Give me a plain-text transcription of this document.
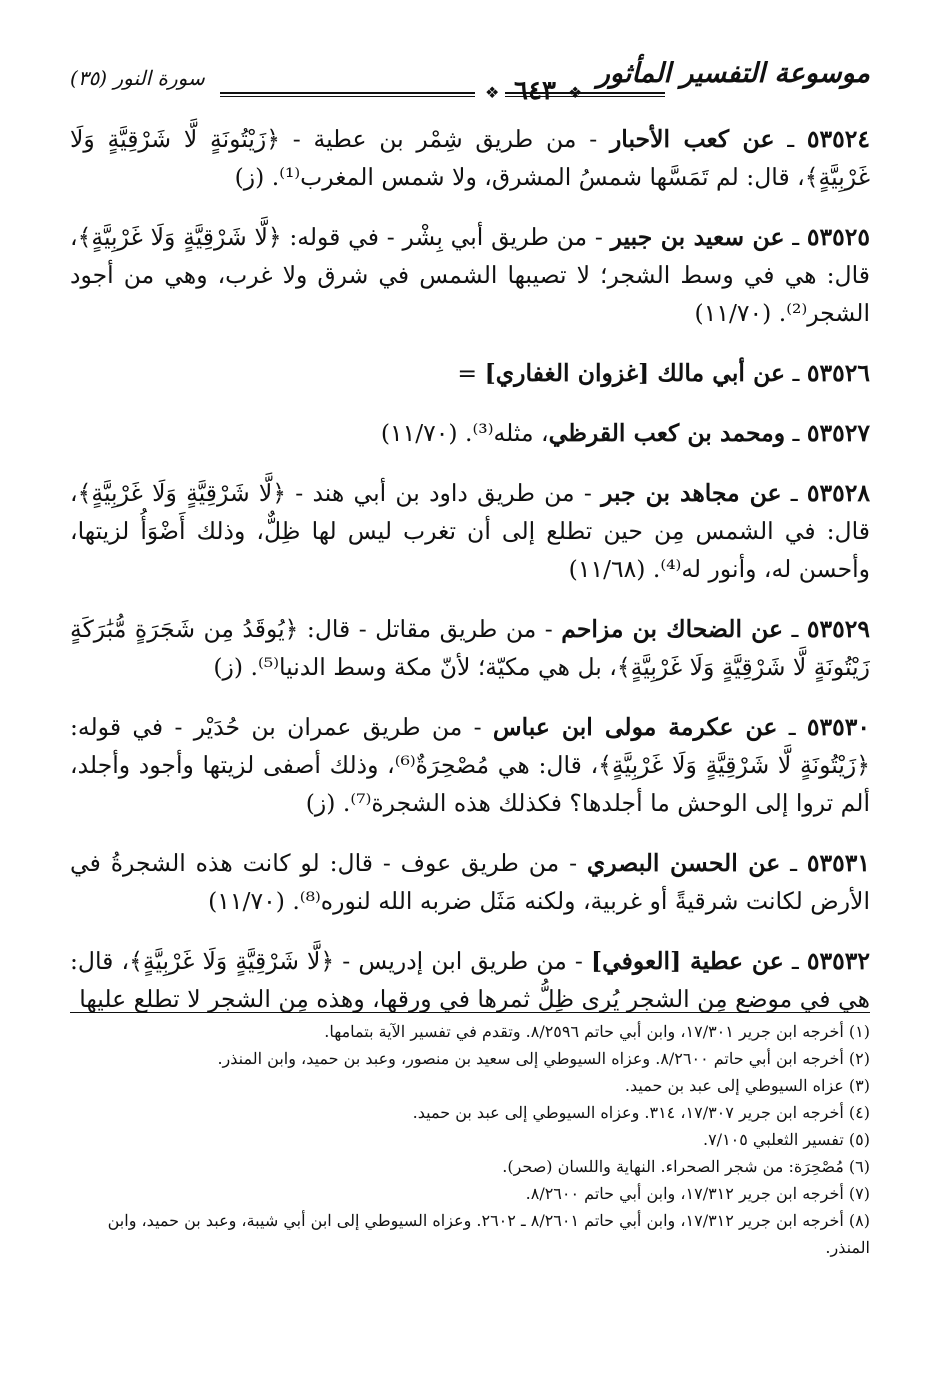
موسوعة التفسير المأثور
❖
٦٤٣
❖
سورة النور (٣٥)

٥٣٥٢٤ ـ عن كعب الأحبار - من طريق شِمْر بن عطية - ﴿زَيْتُونَةٍ لَّا شَرْقِيَّةٍ وَلَا غَرْبِيَّةٍ﴾، قال: لم تَمَسَّها شمسُ المشرق، ولا شمس المغرب⁽¹⁾. (ز)

٥٣٥٢٥ ـ عن سعيد بن جبير - من طريق أبي بِشْر - في قوله: ﴿لَّا شَرْقِيَّةٍ وَلَا غَرْبِيَّةٍ﴾، قال: هي في وسط الشجر؛ لا تصيبها الشمس في شرق ولا غرب، وهي من أجود الشجر⁽²⁾. (١١/٧٠)

٥٣٥٢٦ ـ عن أبي مالك [غزوان الغفاري] =

٥٣٥٢٧ ـ ومحمد بن كعب القرظي، مثله⁽³⁾. (١١/٧٠)

٥٣٥٢٨ ـ عن مجاهد بن جبر - من طريق داود بن أبي هند - ﴿لَّا شَرْقِيَّةٍ وَلَا غَرْبِيَّةٍ﴾، قال: في الشمس مِن حين تطلع إلى أن تغرب ليس لها ظِلٌّ، وذلك أَضْوَأُ لزيتها، وأحسن له، وأنور له⁽⁴⁾. (١١/٦٨)

٥٣٥٢٩ ـ عن الضحاك بن مزاحم - من طريق مقاتل - قال: ﴿يُوقَدُ مِن شَجَرَةٍ مُّبَٰرَكَةٍ زَيْتُونَةٍ لَّا شَرْقِيَّةٍ وَلَا غَرْبِيَّةٍ﴾، بل هي مكيّة؛ لأنّ مكة وسط الدنيا⁽⁵⁾. (ز)

٥٣٥٣٠ ـ عن عكرمة مولى ابن عباس - من طريق عمران بن حُدَيْر - في قوله: ﴿زَيْتُونَةٍ لَّا شَرْقِيَّةٍ وَلَا غَرْبِيَّةٍ﴾، قال: هي مُصْحِرَةٌ⁽⁶⁾، وذلك أصفى لزيتها وأجود وأجلد، ألم تروا إلى الوحش ما أجلدها؟ فكذلك هذه الشجرة⁽⁷⁾. (ز)

٥٣٥٣١ ـ عن الحسن البصري - من طريق عوف - قال: لو كانت هذه الشجرةُ في الأرض لكانت شرقيةً أو غربية، ولكنه مَثَل ضربه الله لنوره⁽⁸⁾. (١١/٧٠)

٥٣٥٣٢ ـ عن عطية [العوفي] - من طريق ابن إدريس - ﴿لَّا شَرْقِيَّةٍ وَلَا غَرْبِيَّةٍ﴾، قال: هي في موضع مِن الشجر يُرى ظِلُّ ثمرها في ورقها، وهذه مِن الشجر لا تطلع عليها

(١) أخرجه ابن جرير ١٧/٣٠١، وابن أبي حاتم ٨/٢٥٩٦. وتقدم في تفسير الآية بتمامها.

(٢) أخرجه ابن أبي حاتم ٨/٢٦٠٠. وعزاه السيوطي إلى سعيد بن منصور، وعبد بن حميد، وابن المنذر.

(٣) عزاه السيوطي إلى عبد بن حميد.

(٤) أخرجه ابن جرير ١٧/٣٠٧، ٣١٤. وعزاه السيوطي إلى عبد بن حميد.

(٥) تفسير الثعلبي ٧/١٠٥.

(٦) مُصْحِرَة: من شجر الصحراء. النهاية واللسان (صحر).

(٧) أخرجه ابن جرير ١٧/٣١٢، وابن أبي حاتم ٨/٢٦٠٠.

(٨) أخرجه ابن جرير ١٧/٣١٢، وابن أبي حاتم ٨/٢٦٠١ ـ ٢٦٠٢. وعزاه السيوطي إلى ابن أبي شيبة، وعبد بن حميد، وابن المنذر.
